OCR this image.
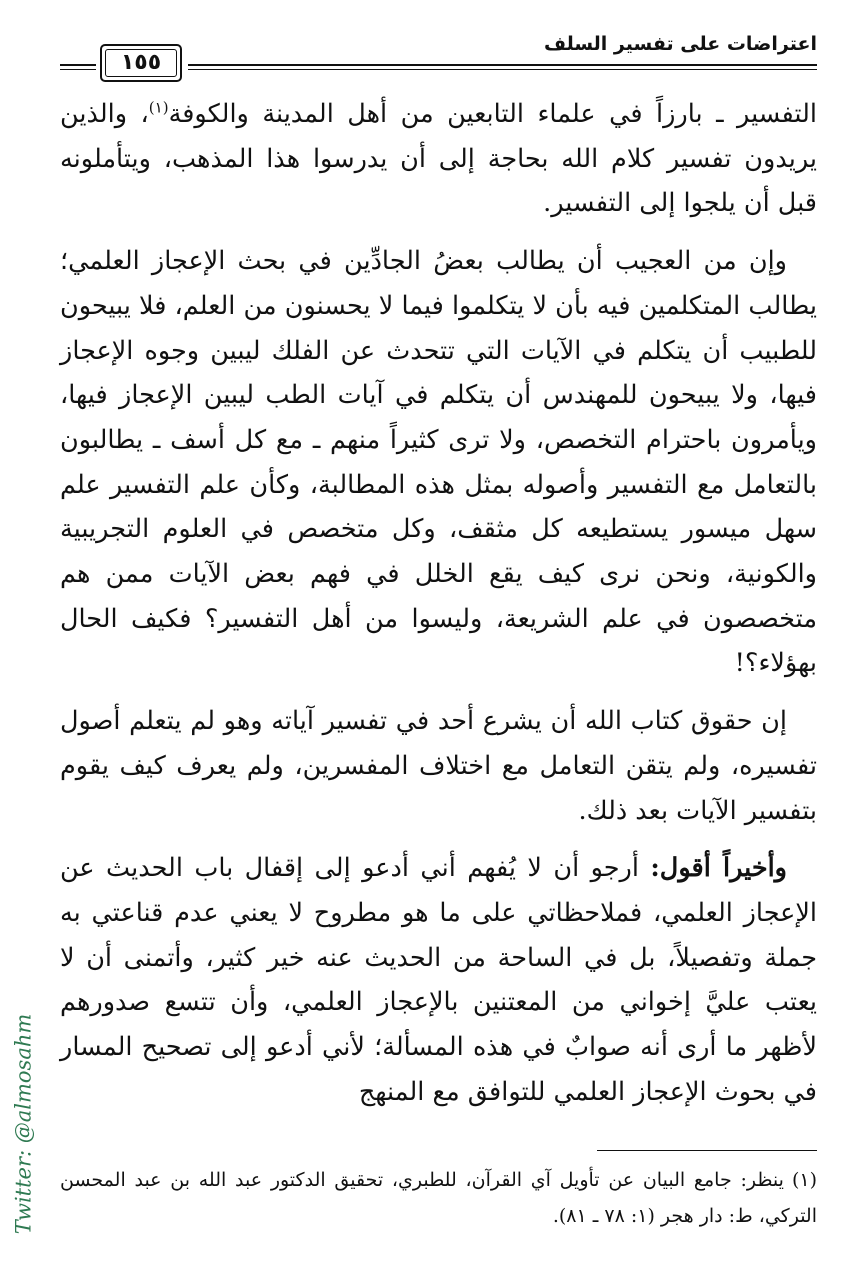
اعتراضات على تفسير السلف
١٥٥

التفسير ـ بارزاً في علماء التابعين من أهل المدينة والكوفة$^{(١)}$، والذين يريدون تفسير كلام الله بحاجة إلى أن يدرسوا هذا المذهب، ويتأملونه قبل أن يلجوا إلى التفسير.

وإن من العجيب أن يطالب بعضُ الجادِّين في بحث الإعجاز العلمي؛ يطالب المتكلمين فيه بأن لا يتكلموا فيما لا يحسنون من العلم، فلا يبيحون للطبيب أن يتكلم في الآيات التي تتحدث عن الفلك ليبين وجوه الإعجاز فيها، ولا يبيحون للمهندس أن يتكلم في آيات الطب ليبين الإعجاز فيها، ويأمرون باحترام التخصص، ولا ترى كثيراً منهم ـ مع كل أسف ـ يطالبون بالتعامل مع التفسير وأصوله بمثل هذه المطالبة، وكأن علم التفسير علم سهل ميسور يستطيعه كل مثقف، وكل متخصص في العلوم التجريبية والكونية، ونحن نرى كيف يقع الخلل في فهم بعض الآيات ممن هم متخصصون في علم الشريعة، وليسوا من أهل التفسير؟ فكيف الحال بهؤلاء؟!

إن حقوق كتاب الله أن يشرع أحد في تفسير آياته وهو لم يتعلم أصول تفسيره، ولم يتقن التعامل مع اختلاف المفسرين، ولم يعرف كيف يقوم بتفسير الآيات بعد ذلك.

وأخيراً أقول: أرجو أن لا يُفهم أني أدعو إلى إقفال باب الحديث عن الإعجاز العلمي، فملاحظاتي على ما هو مطروح لا يعني عدم قناعتي به جملة وتفصيلاً، بل في الساحة من الحديث عنه خير كثير، وأتمنى أن لا يعتب عليَّ إخواني من المعتنين بالإعجاز العلمي، وأن تتسع صدورهم لأظهر ما أرى أنه صوابٌ في هذه المسألة؛ لأني أدعو إلى تصحيح المسار في بحوث الإعجاز العلمي للتوافق مع المنهج

(١)ينظر: جامع البيان عن تأويل آي القرآن، للطبري، تحقيق الدكتور عبد الله بن عبد المحسن التركي، ط: دار هجر (١: ٧٨ ـ ٨١).
Twitter: @almosahm
